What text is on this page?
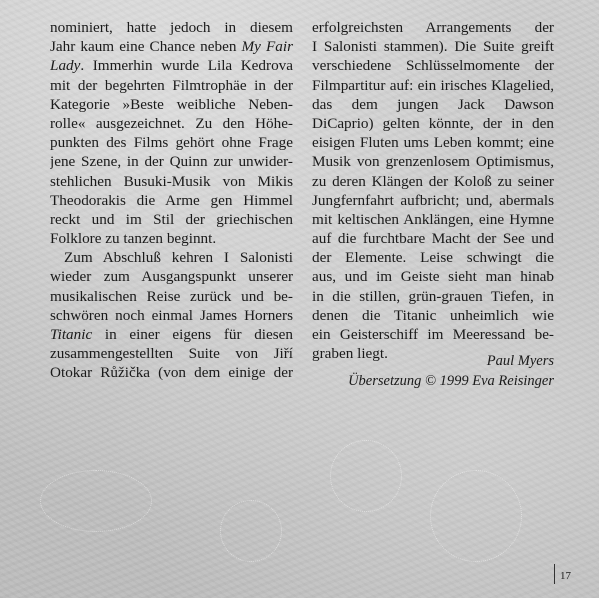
nominiert, hatte jedoch in diesem
Jahr kaum eine Chance neben My Fair
Lady. Immerhin wurde Lila Kedrova
mit der begehrten Filmtrophäe in der
Kategorie »Beste weibliche Neben-
rolle« ausgezeichnet. Zu den Höhe-
punkten des Films gehört ohne Frage
jene Szene, in der Quinn zur unwider-
stehlichen Busuki-Musik von Mikis
Theodorakis die Arme gen Himmel
reckt und im Stil der griechischen
Folklore zu tanzen beginnt.
Zum Abschluß kehren I Salonisti
wieder zum Ausgangspunkt unserer
musikalischen Reise zurück und be-
schwören noch einmal James Horners
Titanic in einer eigens für diesen
zusammengestellten Suite von Jiří
Otokar Růžička (von dem einige der
erfolgreichsten Arrangements der
I Salonisti stammen). Die Suite greift
verschiedene Schlüsselmomente der
Filmpartitur auf: ein irisches Klagelied,
das dem jungen Jack Dawson
DiCaprio) gelten könnte, der in den
eisigen Fluten ums Leben kommt; eine
Musik von grenzenlosem Optimismus,
zu deren Klängen der Koloß zu seiner
Jungfernfahrt aufbricht; und, abermals
mit keltischen Anklängen, eine Hymne
auf die furchtbare Macht der See und
der Elemente. Leise schwingt die
aus, und im Geiste sieht man hinab
in die stillen, grün-grauen Tiefen, in
denen die Titanic unheimlich wie
ein Geisterschiff im Meeressand be-
graben liegt.	Paul Myers
Übersetzung © 1999 Eva Reisinger
17
